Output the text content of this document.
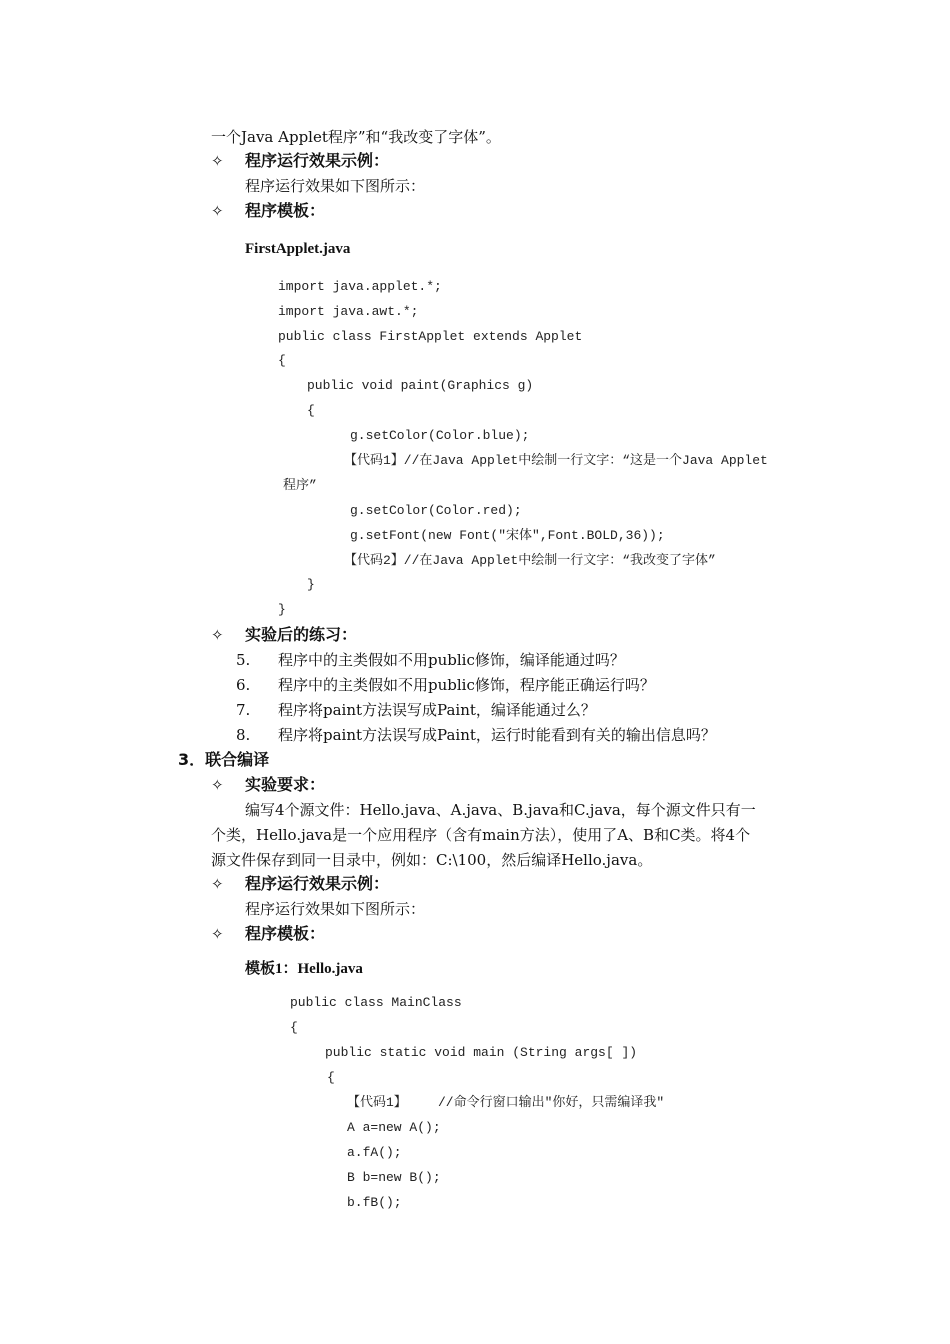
一个Java Applet程序”和“我改变了字体”。
✧ 程序运行效果示例：
程序运行效果如下图所示：
✧ 程序模板：
FirstApplet.java
import java.applet.*;
import java.awt.*;
public class FirstApplet extends Applet
{
public void paint(Graphics g)
{
g.setColor(Color.blue);
【代码1】//在Java Applet中绘制一行文字：“这是一个Java Applet
程序”
g.setColor(Color.red);
g.setFont(new Font("宋体",Font.BOLD,36));
【代码2】//在Java Applet中绘制一行文字：“我改变了字体”
}
}
✧ 实验后的练习：
5. 程序中的主类假如不用public修饰，编译能通过吗？
6. 程序中的主类假如不用public修饰，程序能正确运行吗？
7. 程序将paint方法误写成Paint，编译能通过么？
8. 程序将paint方法误写成Paint，运行时能看到有关的输出信息吗？
3．联合编译
✧ 实验要求：
编写4个源文件：Hello.java、A.java、B.java和C.java，每个源文件只有一
个类，Hello.java是一个应用程序（含有main方法），使用了A、B和C类。将4个
源文件保存到同一目录中，例如：C:\100，然后编译Hello.java。
✧ 程序运行效果示例：
程序运行效果如下图所示：
✧ 程序模板：
模板1：Hello.java
public class MainClass
{
public static void main (String args[ ])
{
【代码1】    //命令行窗口输出"你好，只需编译我"
A a=new A();
a.fA();
B b=new B();
b.fB();
